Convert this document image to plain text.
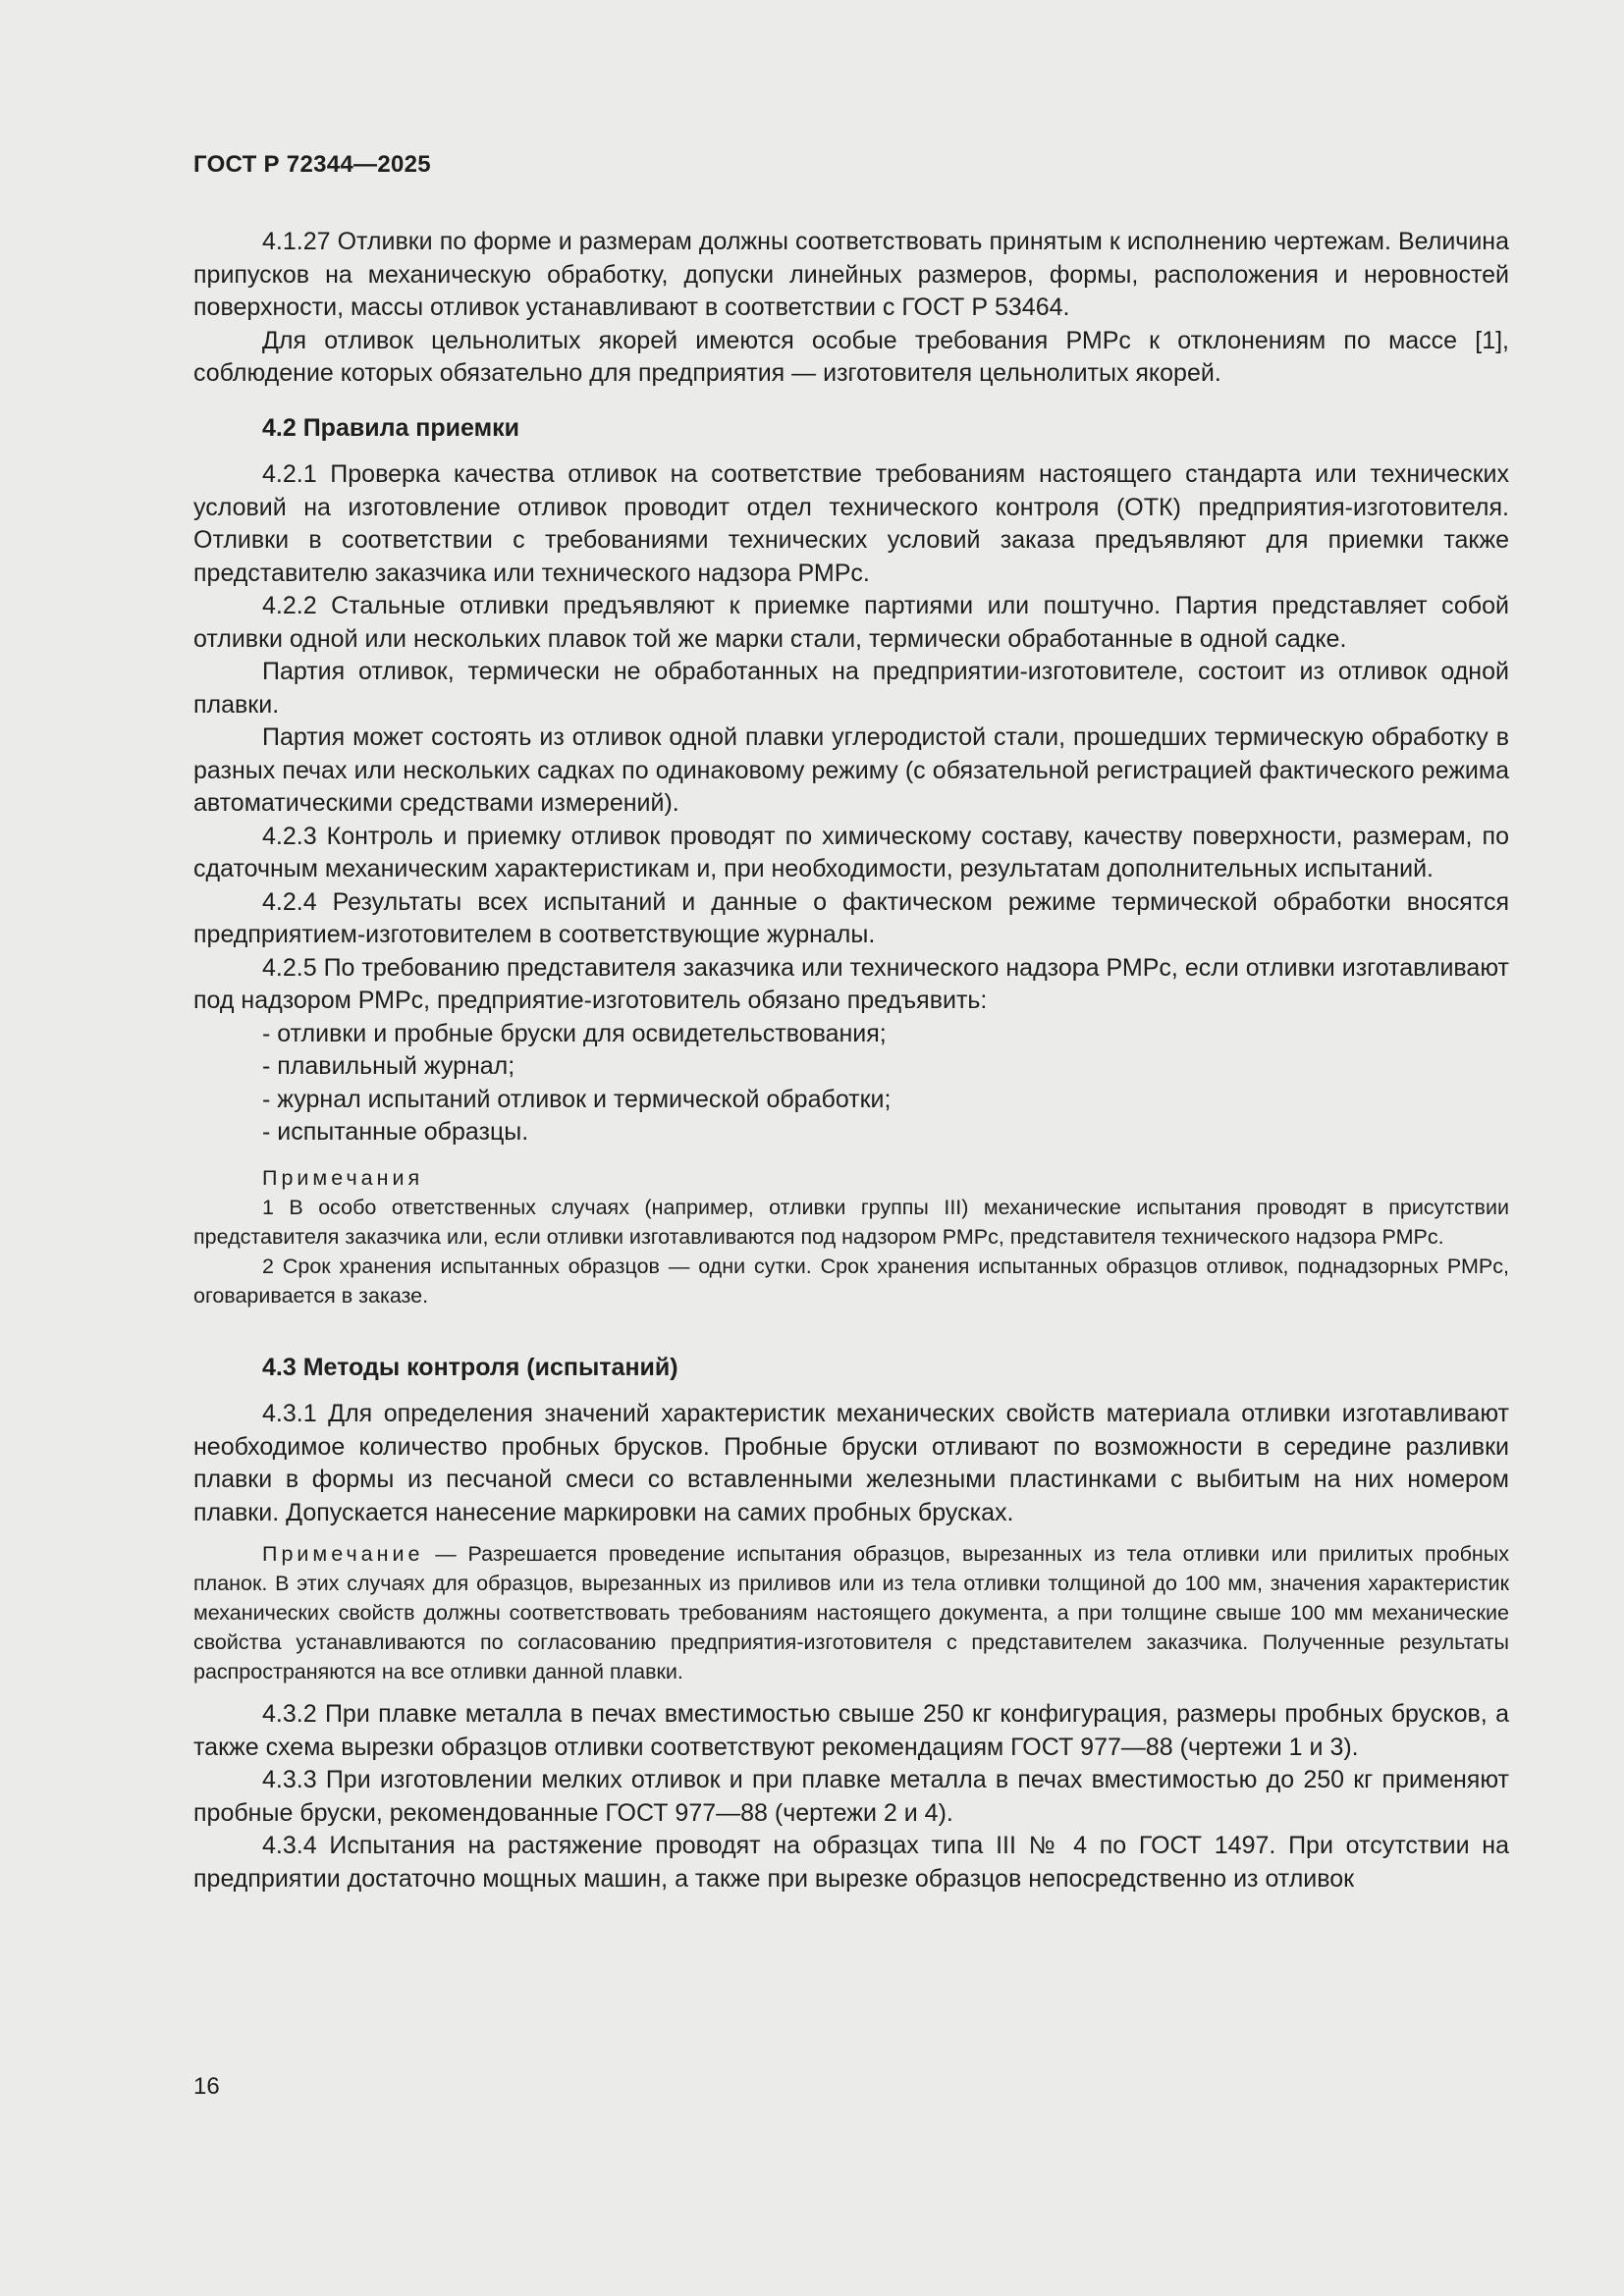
ГОСТ Р 72344—2025

4.1.27 Отливки по форме и размерам должны соответствовать принятым к исполнению чертежам. Величина припусков на механическую обработку, допуски линейных размеров, формы, расположения и неровностей поверхности, массы отливок устанавливают в соответствии с ГОСТ Р 53464.

Для отливок цельнолитых якорей имеются особые требования РМРс к отклонениям по массе [1], соблюдение которых обязательно для предприятия — изготовителя цельнолитых якорей.

4.2 Правила приемки

4.2.1 Проверка качества отливок на соответствие требованиям настоящего стандарта или технических условий на изготовление отливок проводит отдел технического контроля (ОТК) предприятия-изготовителя. Отливки в соответствии с требованиями технических условий заказа предъявляют для приемки также представителю заказчика или технического надзора РМРс.

4.2.2 Стальные отливки предъявляют к приемке партиями или поштучно. Партия представляет собой отливки одной или нескольких плавок той же марки стали, термически обработанные в одной садке.

Партия отливок, термически не обработанных на предприятии-изготовителе, состоит из отливок одной плавки.

Партия может состоять из отливок одной плавки углеродистой стали, прошедших термическую обработку в разных печах или нескольких садках по одинаковому режиму (с обязательной регистрацией фактического режима автоматическими средствами измерений).

4.2.3 Контроль и приемку отливок проводят по химическому составу, качеству поверхности, размерам, по сдаточным механическим характеристикам и, при необходимости, результатам дополнительных испытаний.

4.2.4 Результаты всех испытаний и данные о фактическом режиме термической обработки вносятся предприятием-изготовителем в соответствующие журналы.

4.2.5 По требованию представителя заказчика или технического надзора РМРс, если отливки изготавливают под надзором РМРс, предприятие-изготовитель обязано предъявить:

- отливки и пробные бруски для освидетельствования;

- плавильный журнал;

- журнал испытаний отливок и термической обработки;

- испытанные образцы.

Примечания

1 В особо ответственных случаях (например, отливки группы III) механические испытания проводят в присутствии представителя заказчика или, если отливки изготавливаются под надзором РМРс, представителя технического надзора РМРс.

2 Срок хранения испытанных образцов — одни сутки. Срок хранения испытанных образцов отливок, поднадзорных РМРс, оговаривается в заказе.

4.3 Методы контроля (испытаний)

4.3.1 Для определения значений характеристик механических свойств материала отливки изготавливают необходимое количество пробных брусков. Пробные бруски отливают по возможности в середине разливки плавки в формы из песчаной смеси со вставленными железными пластинками с выбитым на них номером плавки. Допускается нанесение маркировки на самих пробных брусках.

Примечание — Разрешается проведение испытания образцов, вырезанных из тела отливки или прилитых пробных планок. В этих случаях для образцов, вырезанных из приливов или из тела отливки толщиной до 100 мм, значения характеристик механических свойств должны соответствовать требованиям настоящего документа, а при толщине свыше 100 мм механические свойства устанавливаются по согласованию предприятия-изготовителя с представителем заказчика. Полученные результаты распространяются на все отливки данной плавки.

4.3.2 При плавке металла в печах вместимостью свыше 250 кг конфигурация, размеры пробных брусков, а также схема вырезки образцов отливки соответствуют рекомендациям ГОСТ 977—88 (чертежи 1 и 3).

4.3.3 При изготовлении мелких отливок и при плавке металла в печах вместимостью до 250 кг применяют пробные бруски, рекомендованные ГОСТ 977—88 (чертежи 2 и 4).

4.3.4 Испытания на растяжение проводят на образцах типа III № 4 по ГОСТ 1497. При отсутствии на предприятии достаточно мощных машин, а также при вырезке образцов непосредственно из отливок

16
